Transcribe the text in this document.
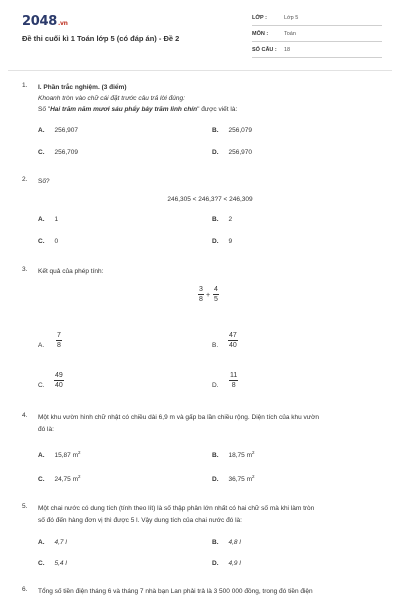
2048.vn
Đề thi cuối kì 1 Toán lớp 5 (có đáp án) - Đề 2
LỚP :	Lớp 5
MÔN :	Toán
SỐ CÂU : 18
1. I. Phần trắc nghiệm. (3 điểm)
Khoanh tròn vào chữ cái đặt trước câu trả lời đúng:
Số "Hai trăm năm mươi sáu phẩy bảy trăm linh chín" được viết là:
A. 256,907	B. 256,079
C. 256,709	D. 256,970
2. Số?
246,305 < 246,3?7 < 246,309
A. 1	B. 2
C. 0	D. 9
3. Kết quả của phép tính:
3
8
+
4
5
A.
7
8	B.
47
40
C.
49
40	D.
11
8
4. Một khu vườn hình chữ nhật có chiều dài 6,9 m và gấp ba lần chiều rộng. Diện tích của khu vườn
đó là:
A. 15,87 $m^2$	B. 18,75 $m^2$
C. 24,75 $m^2$	D. 36,75 $m^2$
5. Một chai nước có dung tích (tính theo lít) là số thập phân lớn nhất có hai chữ số mà khi làm tròn
số đó đến hàng đơn vị thì được 5 l. Vậy dung tích của chai nước đó là:
A. 4,7 l	B. 4,8 l
C. 5,4 l	D. 4,9 l
6. Tổng số tiền điện tháng 6 và tháng 7 nhà bạn Lan phải trả là 3 500 000 đồng, trong đó tiền điện
